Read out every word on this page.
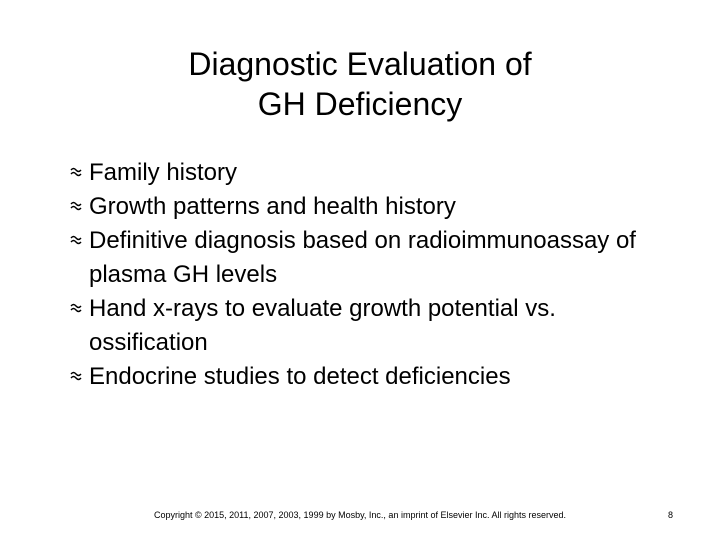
Diagnostic Evaluation of
GH Deficiency
Family history
Growth patterns and health history
Definitive diagnosis based on radioimmunoassay of plasma GH levels
Hand x-rays to evaluate growth potential vs. ossification
Endocrine studies to detect deficiencies
Copyright © 2015, 2011, 2007, 2003, 1999 by Mosby, Inc., an imprint of Elsevier Inc. All rights reserved.	8
